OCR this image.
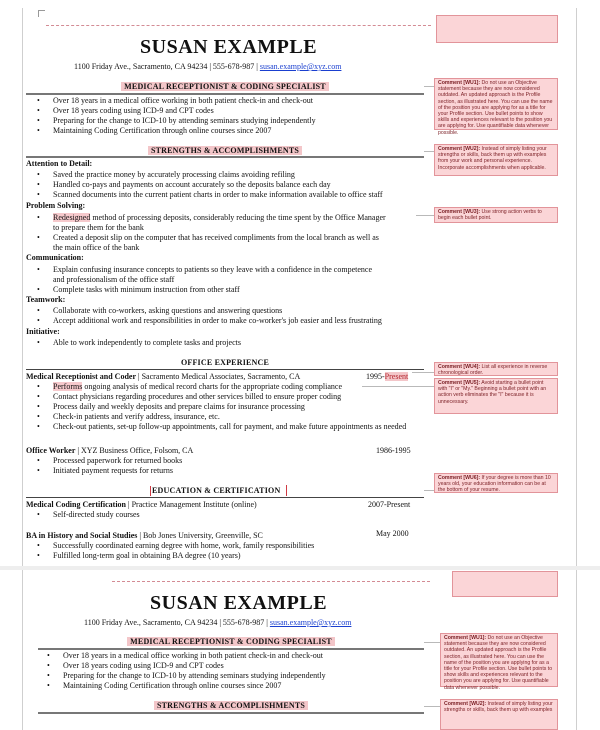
SUSAN EXAMPLE
1100 Friday Ave., Sacramento, CA 94234 | 555-678-987 | susan.example@xyz.com
MEDICAL RECEPTIONIST & CODING SPECIALIST	Comment [WU1]: Do not use an Objective statement because they are now considered outdated. An updated approach is the Profile section, as illustrated here. You can use the name of the position you are applying for as a title for your Profile section. Use bullet points to show skills and experiences relevant to the position you are applying for. Use quantifiable data whenever possible.
• Over 18 years in a medical office working in both patient check-in and check-out
• Over 18 years coding using ICD-9 and CPT codes
• Preparing for the change to ICD-10 by attending seminars studying independently
• Maintaining Coding Certification through online courses since 2007
STRENGTHS & ACCOMPLISHMENTS	Comment [WU2]: Instead of simply listing your strengths or skills, back them up with examples from your work and personal experience. Incorporate accomplishments when applicable.
Attention to Detail:
• Saved the practice money by accurately processing claims avoiding refiling
• Handled co-pays and payments on account accurately so the deposits balance each day
• Scanned documents into the current patient charts in order to make information available to office staff
Problem Solving:
• Redesigned method of processing deposits, considerably reducing the time spent by the Office Manager
to prepare them for the bank
• Created a deposit slip on the computer that has received compliments from the local branch as well as
the main office of the bank
Comment [WU3]: Use strong action verbs to begin each bullet point.
Communication:
• Explain confusing insurance concepts to patients so they leave with a confidence in the competence
and professionalism of the office staff
• Complete tasks with minimum instruction from other staff
Teamwork:
• Collaborate with co-workers, asking questions and answering questions
• Accept additional work and responsibilities in order to make co-worker's job easier and less frustrating
Initiative:
• Able to work independently to complete tasks and projects
OFFICE EXPERIENCE
Medical Receptionist and Coder | Sacramento Medical Associates, Sacramento, CA	1995-Present
Comment [WU4]: List all experience in reverse chronological order.
• Performs ongoing analysis of medical record charts for the appropriate coding compliance
• Contact physicians regarding procedures and other services billed to ensure proper coding
• Process daily and weekly deposits and prepare claims for insurance processing
• Check-in patients and verify address, insurance, etc.
• Check-out patients, set-up follow-up appointments, call for payment, and make future appointments as needed
Comment [WU5]: Avoid starting a bullet point with "I" or "My." Beginning a bullet point with an action verb eliminates the "I" because it is unnecessary.
Office Worker | XYZ Business Office, Folsom, CA	1986-1995
• Processed paperwork for returned books
• Initiated payment requests for returns
EDUCATION & CERTIFICATION
Comment [WU6]: If your degree is more than 10 years old, your education information can be at the bottom of your resume.
Medical Coding Certification | Practice Management Institute (online)	2007-Present
• Self-directed study courses
BA in History and Social Studies | Bob Jones University, Greenville, SC	May 2000
• Successfully coordinated earning degree with home, work, family responsibilities
• Fulfilled long-term goal in obtaining BA degree (10 years)
SUSAN EXAMPLE
1100 Friday Ave., Sacramento, CA 94234 | 555-678-987 | susan.example@xyz.com
MEDICAL RECEPTIONIST & CODING SPECIALIST	Comment [WU1]: Do not use an Objective statement because they are now considered outdated. An updated approach is the Profile section, as illustrated here. You can use the name of the position you are applying for as a title for your Profile section. Use bullet points to show skills and experiences relevant to the position you are applying for. Use quantifiable data whenever possible.
• Over 18 years in a medical office working in both patient check-in and check-out
• Over 18 years coding using ICD-9 and CPT codes
• Preparing for the change to ICD-10 by attending seminars studying independently
• Maintaining Coding Certification through online courses since 2007
STRENGTHS & ACCOMPLISHMENTS	Comment [WU2]: Instead of simply listing your strengths or skills, back them up with examples
